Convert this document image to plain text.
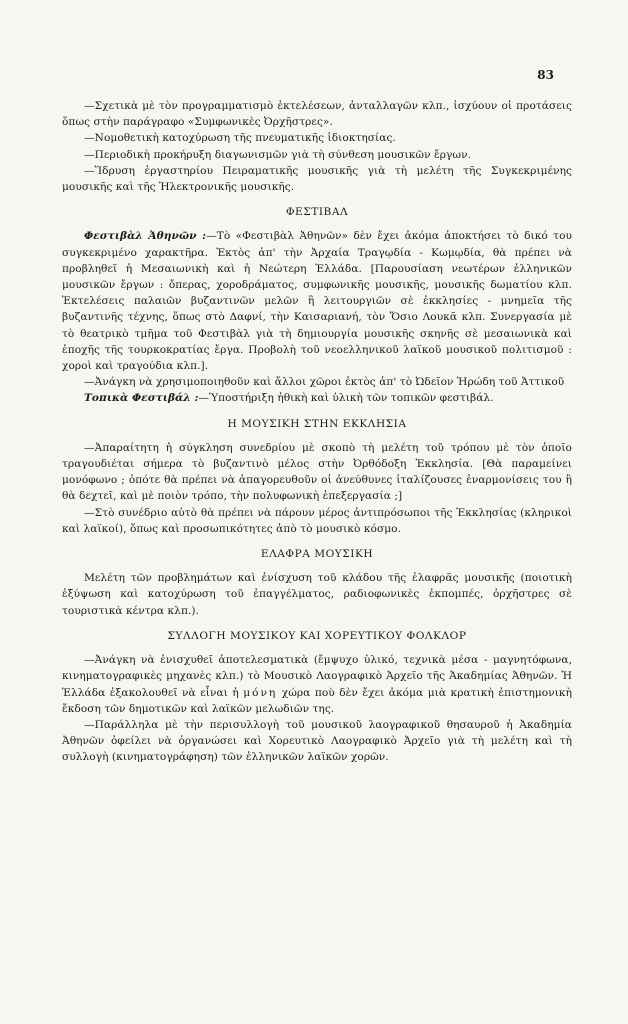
83

—Σχετικὰ μὲ τὸν προγραμματισμὸ ἐκτελέσεων, ἀνταλλαγῶν κλπ., ἰσχύουν οἱ προτάσεις ὅπως στὴν παράγραφο «Συμφωνικὲς Ὀρχῆστρες».

—Νομοθετικὴ κατοχύρωση τῆς πνευματικῆς ἰδιοκτησίας.

—Περιοδικὴ προκήρυξη διαγωνισμῶν γιὰ τὴ σύνθεση μουσικῶν ἔργων.

—Ἵδρυση ἐργαστηρίου Πειραματικῆς μουσικῆς γιὰ τὴ μελέτη τῆς Συγκεκριμένης μουσικῆς καὶ τῆς Ἠλεκτρονικῆς μουσικῆς.

ΦΕΣΤΙΒΑΛ

Φεστιβὰλ Ἀθηνῶν :—Τὸ «Φεστιβὰλ Ἀθηνῶν» δὲν ἔχει ἀκόμα ἀποκτήσει τὸ δικό του συγκεκριμένο χαρακτῆρα. Ἐκτὸς ἀπ' τὴν Ἀρχαία Τραγῳδία - Κωμῳδία, θὰ πρέπει νὰ προβληθεῖ ἡ Μεσαιωνικὴ καὶ ἡ Νεώτερη Ἑλλάδα. [Παρουσίαση νεωτέρων ἑλληνικῶν μουσικῶν ἔργων : ὄπερας, χοροδράματος, συμφωνικῆς μουσικῆς, μουσικῆς δωματίου κλπ. Ἐκτελέσεις παλαιῶν βυζαντινῶν μελῶν ἢ λειτουργιῶν σὲ ἐκκλησίες - μνημεῖα τῆς βυζαντινῆς τέχνης, ὅπως στὸ Δαφνί, τὴν Καισαριανή, τὸν Ὅσιο Λουκᾶ κλπ. Συνεργασία μὲ τὸ θεατρικὸ τμῆμα τοῦ Φεστιβὰλ γιὰ τὴ δημιουργία μουσικῆς σκηνῆς σὲ μεσαιωνικὰ καὶ ἐποχῆς τῆς τουρκοκρατίας ἔργα. Προβολὴ τοῦ νεοελληνικοῦ λαϊκοῦ μουσικοῦ πολιτισμοῦ : χοροὶ καὶ τραγούδια κλπ.].

—Ἀνάγκη νὰ χρησιμοποιηθοῦν καὶ ἄλλοι χῶροι ἐκτὸς ἀπ' τὸ Ὠδεῖον Ἡρώδη τοῦ Ἀττικοῦ

Τοπικὰ Φεστιβάλ :—Ὑποστήριξη ἠθικὴ καὶ ὑλικὴ τῶν τοπικῶν φεστιβάλ.

Η ΜΟΥΣΙΚΗ ΣΤΗΝ ΕΚΚΛΗΣΙΑ

—Ἀπαραίτητη ἡ σύγκληση συνεδρίου μὲ σκοπὸ τὴ μελέτη τοῦ τρόπου μὲ τὸν ὁποῖο τραγουδιέται σήμερα τὸ βυζαντινὸ μέλος στὴν Ὀρθόδοξη Ἐκκλησία. [Θὰ παραμείνει μονόφωνο ; ὁπότε θὰ πρέπει νὰ ἀπαγορευθοῦν οἱ ἀνεύθυνες ἰταλίζουσες ἐναρμονίσεις του ἢ θὰ δεχτεῖ, καὶ μὲ ποιὸν τρόπο, τὴν πολυφωνικὴ ἐπεξεργασία ;]

—Στὸ συνέδριο αὐτὸ θὰ πρέπει νὰ πάρουν μέρος ἀντιπρόσωποι τῆς Ἐκκλησίας (κληρικοὶ καὶ λαϊκοί), ὅπως καὶ προσωπικότητες ἀπὸ τὸ μουσικὸ κόσμο.

ΕΛΑΦΡΑ ΜΟΥΣΙΚΗ

Μελέτη τῶν προβλημάτων καὶ ἐνίσχυση τοῦ κλάδου τῆς ἐλαφρᾶς μουσικῆς (ποιοτικὴ ἐξύψωση καὶ κατοχύρωση τοῦ ἐπαγγέλματος, ραδιοφωνικὲς ἐκπομπές, ὀρχῆστρες σὲ τουριστικὰ κέντρα κλπ.).

ΣΥΛΛΟΓΗ ΜΟΥΣΙΚΟΥ ΚΑΙ ΧΟΡΕΥΤΙΚΟΥ ΦΟΛΚΛΟΡ

—Ἀνάγκη νὰ ἐνισχυθεῖ ἀποτελεσματικὰ (ἔμψυχο ὑλικό, τεχνικὰ μέσα - μαγνητόφωνα, κινηματογραφικὲς μηχανὲς κλπ.) τὸ Μουσικὸ Λαογραφικὸ Ἀρχεῖο τῆς Ἀκαδημίας Ἀθηνῶν. Ἡ Ἑλλάδα ἐξακολουθεῖ νὰ εἶναι ἡ μόνη χώρα ποὺ δὲν ἔχει ἀκόμα μιὰ κρατικὴ ἐπιστημονικὴ ἔκδοση τῶν δημοτικῶν καὶ λαϊκῶν μελωδιῶν της.

—Παράλληλα μὲ τὴν περισυλλογὴ τοῦ μουσικοῦ λαογραφικοῦ θησαυροῦ ἡ Ἀκαδημία Ἀθηνῶν ὀφείλει νὰ ὀργανώσει καὶ Χορευτικὸ Λαογραφικὸ Ἀρχεῖο γιὰ τὴ μελέτη καὶ τὴ συλλογὴ (κινηματογράφηση) τῶν ἑλληνικῶν λαϊκῶν χορῶν.
